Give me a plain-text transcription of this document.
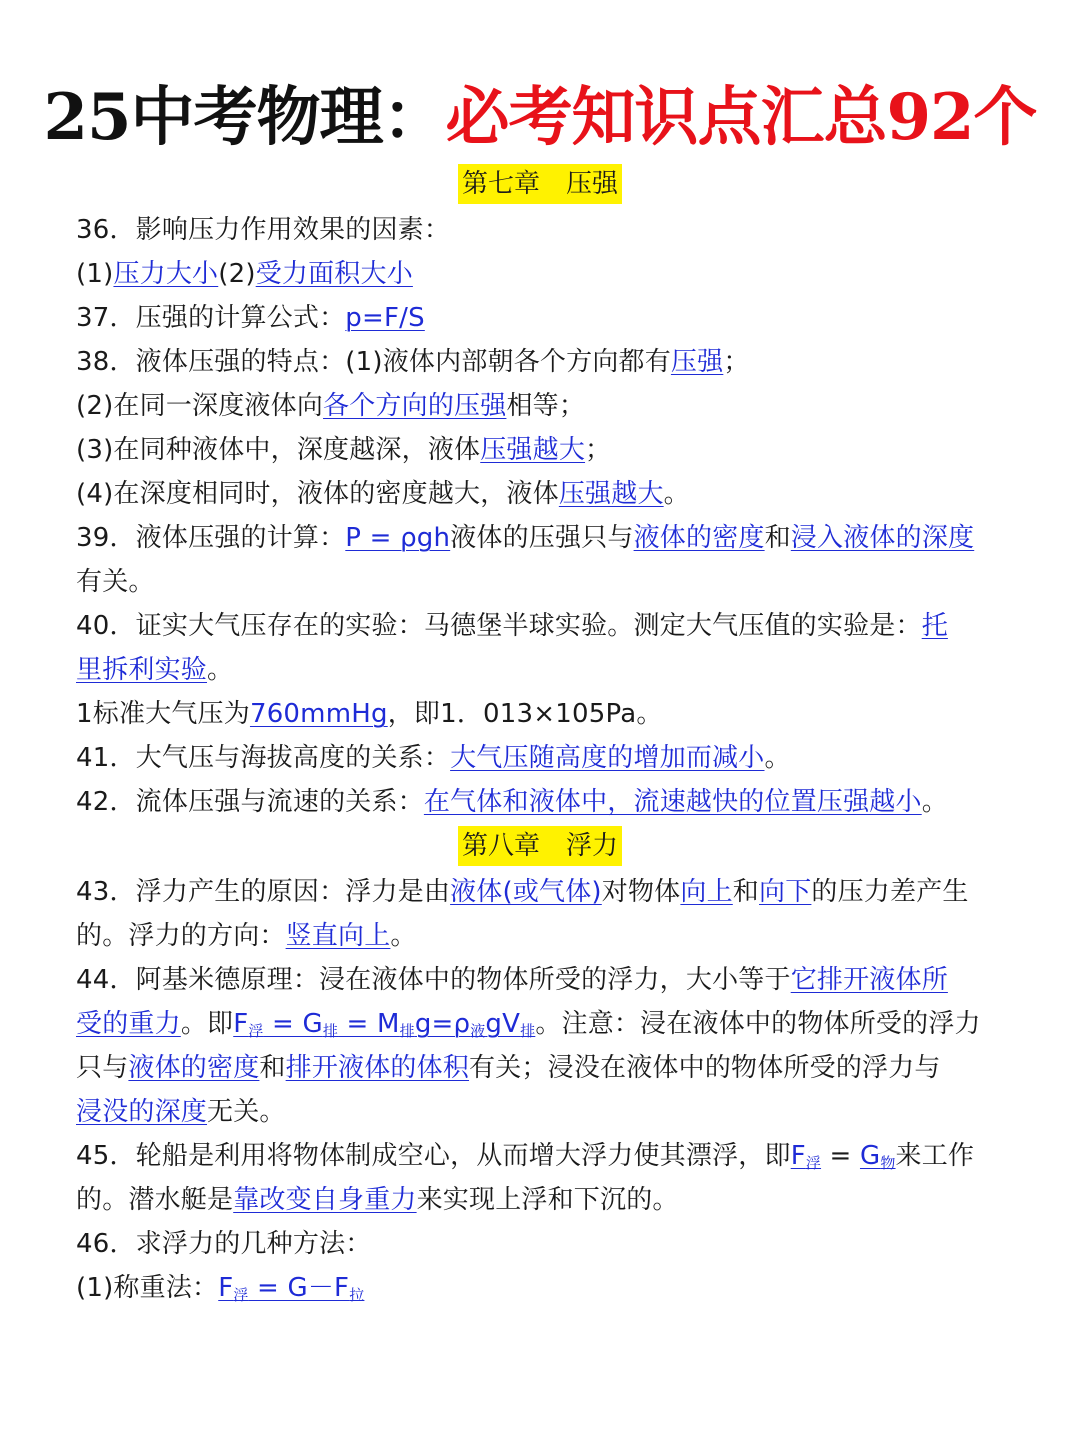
25中考物理：必考知识点汇总92个
第七章　压强
36．影响压力作用效果的因素：
(1)压力大小(2)受力面积大小
37．压强的计算公式：p=F/S
38．液体压强的特点：(1)液体内部朝各个方向都有压强；
(2)在同一深度液体向各个方向的压强相等；
(3)在同种液体中，深度越深，液体压强越大；
(4)在深度相同时，液体的密度越大，液体压强越大。
39．液体压强的计算：P = ρgh液体的压强只与液体的密度和浸入液体的深度
有关。
40．证实大气压存在的实验：马德堡半球实验。测定大气压值的实验是：托
里拆利实验。
1标准大气压为760mmHg，即1．013×105Pa。
41．大气压与海拔高度的关系：大气压随高度的增加而减小。
42．流体压强与流速的关系：在气体和液体中，流速越快的位置压强越小。
第八章　浮力
43．浮力产生的原因：浮力是由液体(或气体)对物体向上和向下的压力差产生
的。浮力的方向：竖直向上。
44．阿基米德原理：浸在液体中的物体所受的浮力，大小等于它排开液体所
受的重力。即$F_浮 = G_排 = M_排g=\rho_液gV_排$。注意：浸在液体中的物体所受的浮力
只与液体的密度和排开液体的体积有关；浸没在液体中的物体所受的浮力与
浸没的深度无关。
45．轮船是利用将物体制成空心，从而增大浮力使其漂浮，即$F_浮 = G_物$来工作
的。潜水艇是靠改变自身重力来实现上浮和下沉的。
46．求浮力的几种方法：
(1)称重法：$F_浮 = G-F_拉$
